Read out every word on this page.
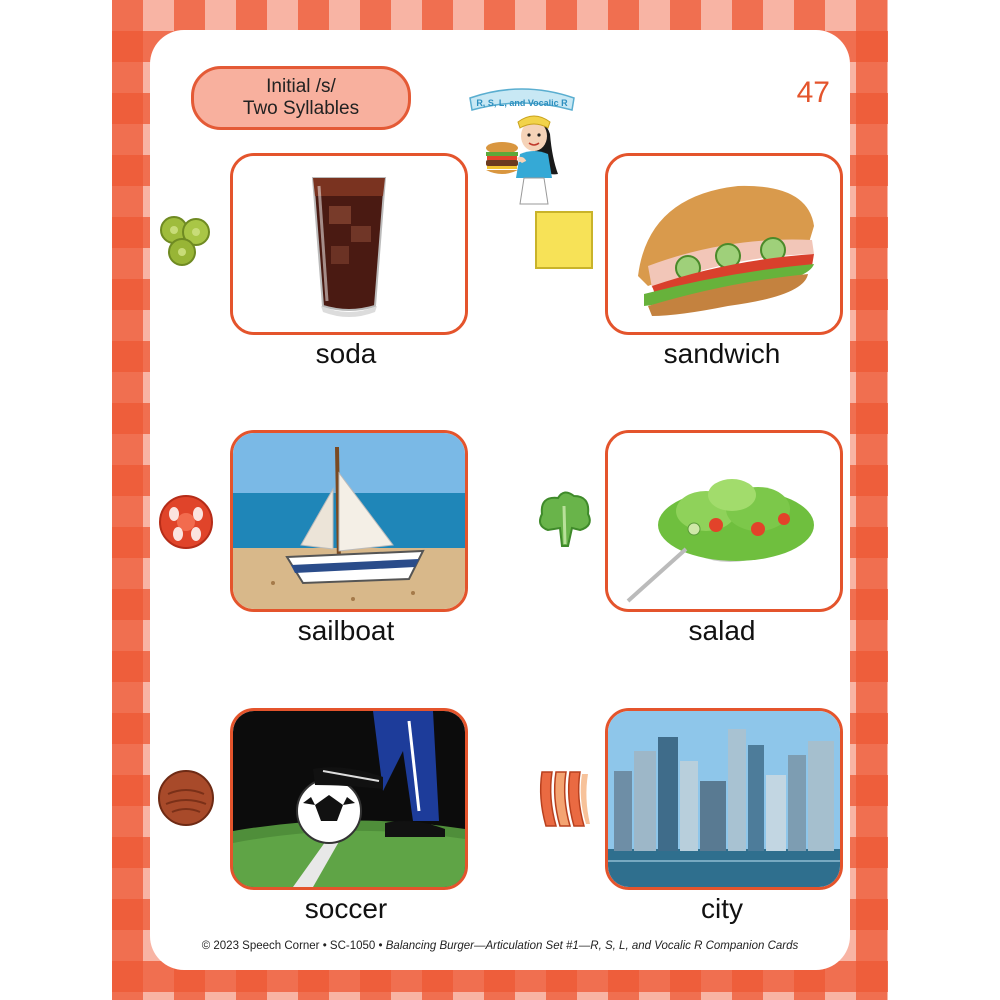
Initial /s/
Two Syllables	R, S, L, and Vocalic R	47
soda	sandwich
sailboat	salad
soccer	city
© 2023 Speech Corner • SC-1050 • Balancing Burger—Articulation Set #1—R, S, L, and Vocalic R Companion Cards
